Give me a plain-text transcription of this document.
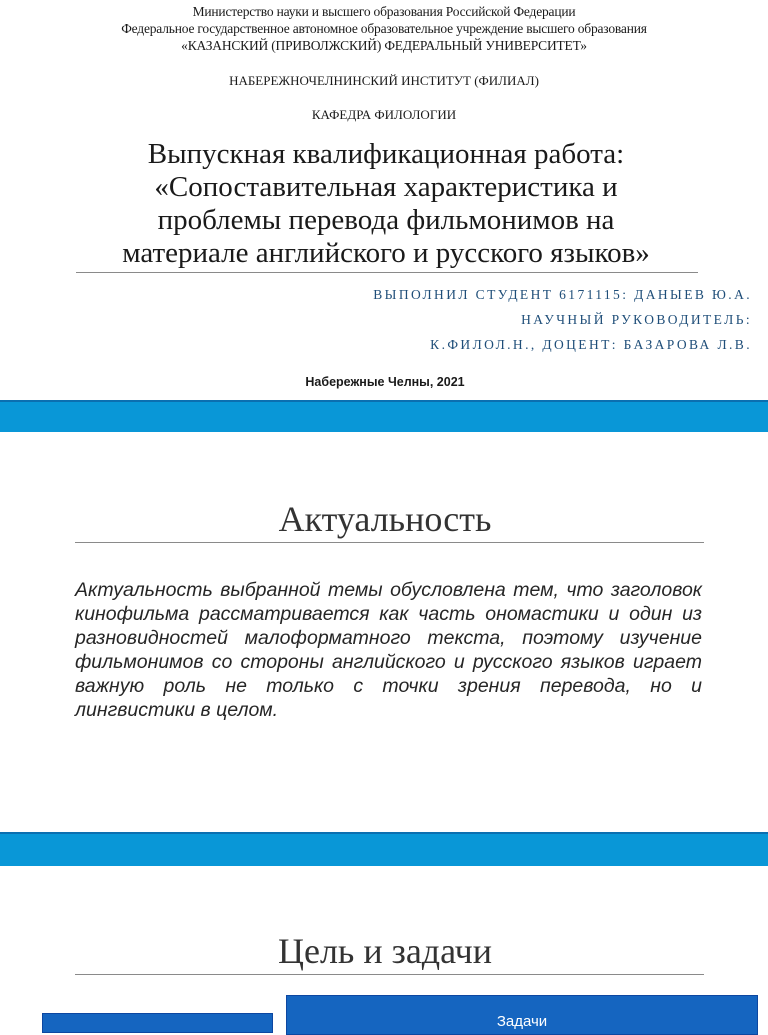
Министерство науки и высшего образования Российской Федерации
Федеральное государственное автономное образовательное учреждение высшего образования
«КАЗАНСКИЙ (ПРИВОЛЖСКИЙ) ФЕДЕРАЛЬНЫЙ УНИВЕРСИТЕТ»
НАБЕРЕЖНОЧЕЛНИНСКИЙ ИНСТИТУТ (ФИЛИАЛ)
КАФЕДРА ФИЛОЛОГИИ
Выпускная квалификационная работа:
«Сопоставительная характеристика и
проблемы перевода фильмонимов на
материале английского и русского языков»
ВЫПОЛНИЛ СТУДЕНТ 6171115: ДАНЫЕВ Ю.А.
НАУЧНЫЙ РУКОВОДИТЕЛЬ:
К.ФИЛОЛ.Н., ДОЦЕНТ: БАЗАРОВА Л.В.
Набережные Челны, 2021
Актуальность
Актуальность выбранной темы обусловлена тем, что заголовок кинофильма рассматривается как часть ономастики и один из разновидностей малоформатного текста, поэтому изучение фильмонимов со стороны английского и русского языков играет важную роль не только с точки зрения перевода, но и лингвистики в целом.
Цель и задачи
Задачи
